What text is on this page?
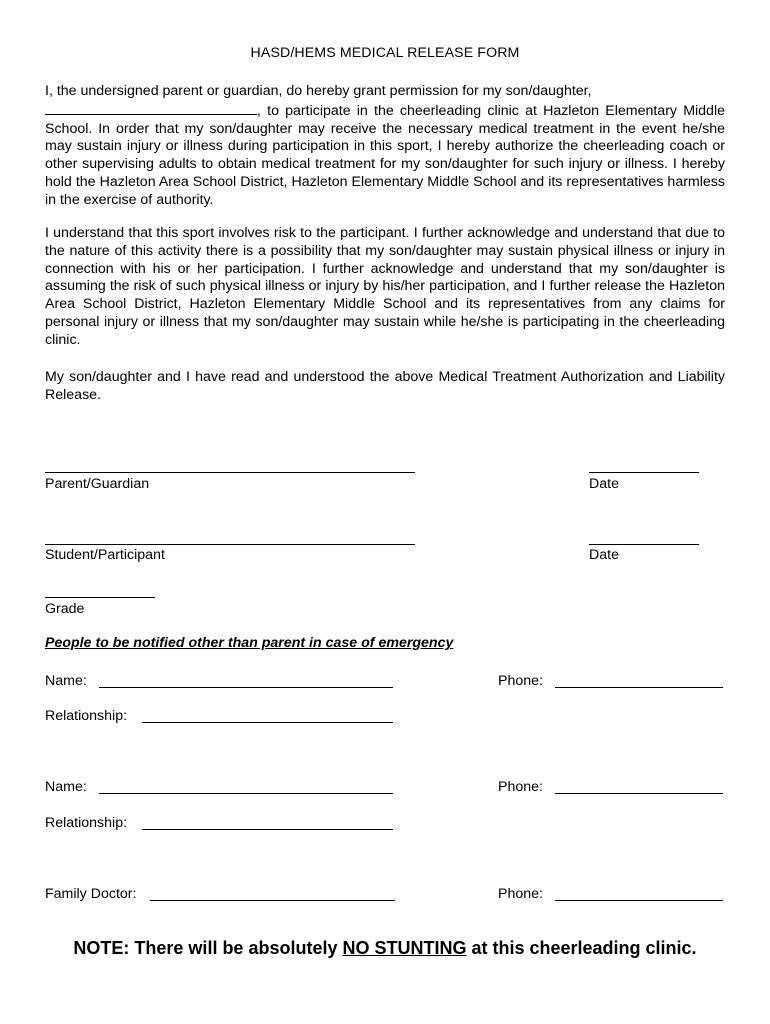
HASD/HEMS MEDICAL RELEASE FORM

I, the undersigned parent or guardian, do hereby grant permission for my son/daughter,
, to participate in the cheerleading clinic at Hazleton Elementary Middle School. In order that my son/daughter may receive the necessary medical treatment in the event he/she may sustain injury or illness during participation in this sport, I hereby authorize the cheerleading coach or other supervising adults to obtain medical treatment for my son/daughter for such injury or illness. I hereby hold the Hazleton Area School District, Hazleton Elementary Middle School and its representatives harmless in the exercise of authority.

I understand that this sport involves risk to the participant. I further acknowledge and understand that due to the nature of this activity there is a possibility that my son/daughter may sustain physical illness or injury in connection with his or her participation. I further acknowledge and understand that my son/daughter is assuming the risk of such physical illness or injury by his/her participation, and I further release the Hazleton Area School District, Hazleton Elementary Middle School and its representatives from any claims for personal injury or illness that my son/daughter may sustain while he/she is participating in the cheerleading clinic.

My son/daughter and I have read and understood the above Medical Treatment Authorization and Liability Release.

Parent/Guardian	Date
Student/Participant	Date
Grade
People to be notified other than parent in case of emergency
Name:	Phone:
Relationship:
Name:	Phone:
Relationship:
Family Doctor:	Phone:
NOTE: There will be absolutely NO STUNTING at this cheerleading clinic.
